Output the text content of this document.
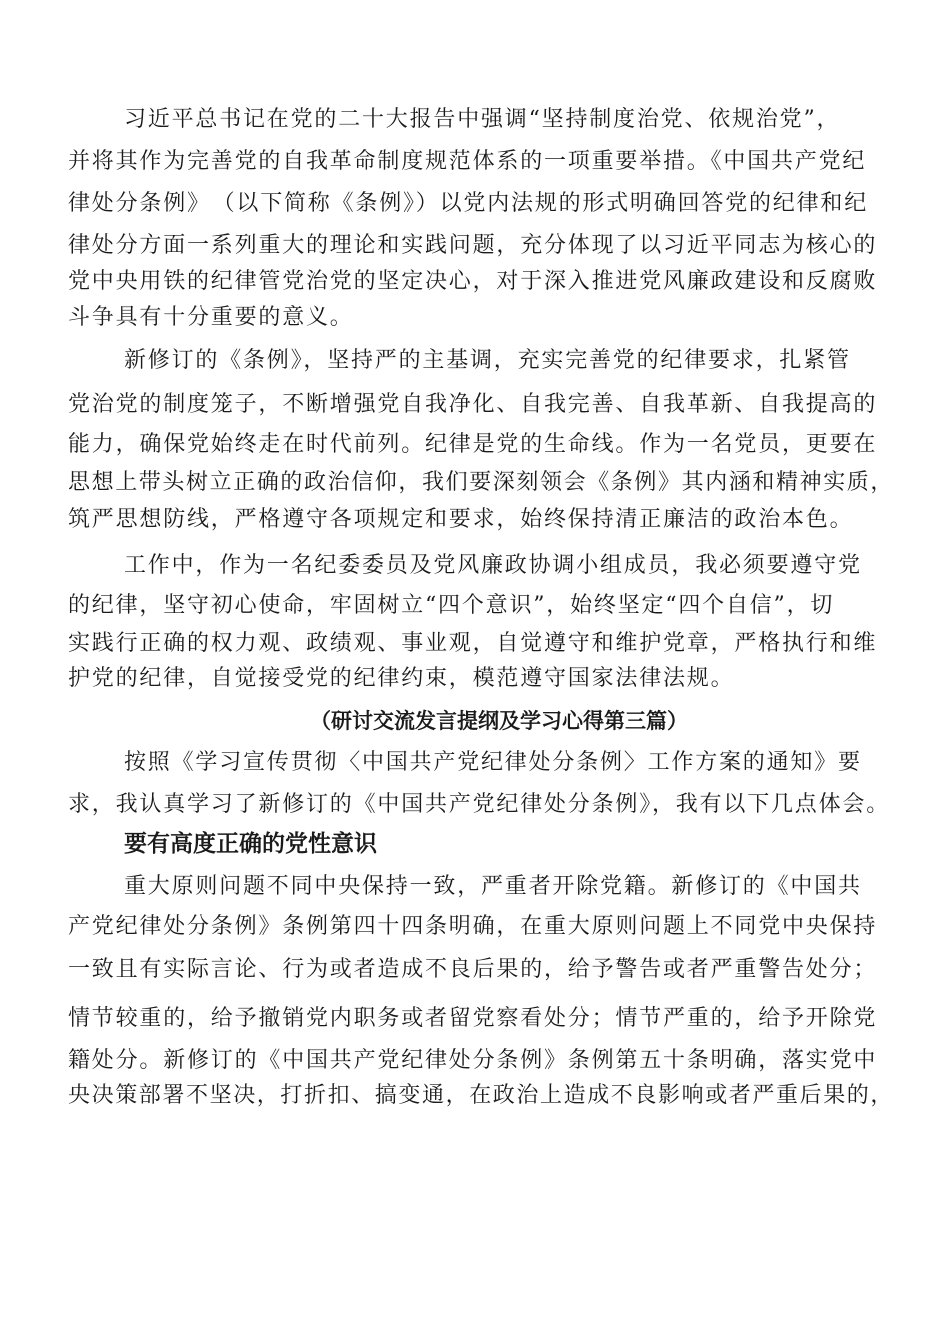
习近平总书记在党的二十大报告中强调“坚持制度治党、依规治党”，
并将其作为完善党的自我革命制度规范体系的一项重要举措。《中国共产党纪
律处分条例》　（以下简称《条例》）以党内法规的形式明确回答党的纪律和纪
律处分方面一系列重大的理论和实践问题，充分体现了以习近平同志为核心的
党中央用铁的纪律管党治党的坚定决心，对于深入推进党风廉政建设和反腐败
斗争具有十分重要的意义。
新修订的《条例》，坚持严的主基调，充实完善党的纪律要求，扎紧管
党治党的制度笼子，不断增强党自我净化、自我完善、自我革新、自我提高的
能力，确保党始终走在时代前列。纪律是党的生命线。作为一名党员，更要在
思想上带头树立正确的政治信仰，我们要深刻领会《条例》其内涵和精神实质，
筑严思想防线，严格遵守各项规定和要求，始终保持清正廉洁的政治本色。
工作中，作为一名纪委委员及党风廉政协调小组成员，我必须要遵守党
的纪律，坚守初心使命，牢固树立“四个意识”，始终坚定“四个自信”，切
实践行正确的权力观、政绩观、事业观，自觉遵守和维护党章，严格执行和维
护党的纪律，自觉接受党的纪律约束，模范遵守国家法律法规。
（研讨交流发言提纲及学习心得第三篇）
按照《学习宣传贯彻〈中国共产党纪律处分条例〉工作方案的通知》要
求，我认真学习了新修订的《中国共产党纪律处分条例》，我有以下几点体会。
要有高度正确的党性意识
重大原则问题不同中央保持一致，严重者开除党籍。新修订的《中国共
产党纪律处分条例》条例第四十四条明确，在重大原则问题上不同党中央保持
一致且有实际言论、行为或者造成不良后果的，给予警告或者严重警告处分；
情节较重的，给予撤销党内职务或者留党察看处分；情节严重的，给予开除党
籍处分。新修订的《中国共产党纪律处分条例》条例第五十条明确，落实党中
央决策部署不坚决，打折扣、搞变通，在政治上造成不良影响或者严重后果的，
